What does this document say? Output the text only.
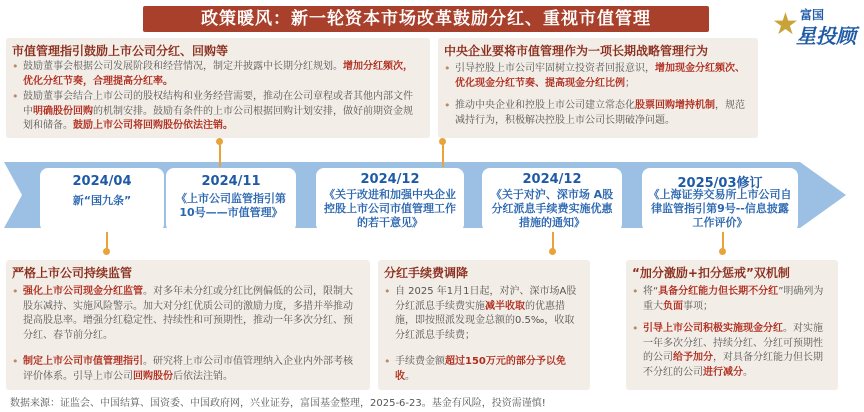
政策暖风：新一轮资本市场改革鼓励分红、重视市值管理	★ 富国
星投顾
市值管理指引鼓励上市公司分红、回购等
• 鼓励董事会根据公司发展阶段和经营情况，制定并披露中长期分红规划。增加分红频次，优化分红节奏，合理提高分红率。
• 鼓励董事会结合上市公司的股权结构和业务经营需要，推动在公司章程或者其他内部文件中明确股份回购的机制安排。鼓励有条件的上市公司根据回购计划安排，做好前期资金规划和储备。鼓励上市公司将回购股份依法注销。
中央企业要将市值管理作为一项长期战略管理行为
• 引导控股上市公司牢固树立投资者回报意识，增加现金分红频次、优化现金分红节奏、提高现金分红比例；
• 推动中央企业和控股上市公司建立常态化股票回购增持机制，规范减持行为，积极解决控股上市公司长期破净问题。
2024/04
新“国九条”
2024/11
《上市公司监管指引第10号——市值管理》
2024/12
《关于改进和加强中央企业控股上市公司市值管理工作的若干意见》
2024/12
《关于对沪、深市场 A股分红派息手续费实施优惠措施的通知》
2025/03修订
《上海证券交易所上市公司自律监管指引第9号--信息披露工作评价》
严格上市公司持续监管
• 强化上市公司现金分红监管。对多年未分红或分红比例偏低的公司，限制大股东减持、实施风险警示。加大对分红优质公司的激励力度，多措并举推动提高股息率。增强分红稳定性、持续性和可预期性，推动一年多次分红、预分红、春节前分红。
• 制定上市公司市值管理指引。研究将上市公司市值管理纳入企业内外部考核评价体系。引导上市公司回购股份后依法注销。
分红手续费调降
• 自 2025 年1月1日起，对沪、深市场A股分红派息手续费实施减半收取的优惠措施，即按照派发现金总额的0.5‰，收取分红派息手续费；
• 手续费金额超过150万元的部分予以免收。
“加分激励+扣分惩戒”双机制
• 将“具备分红能力但长期不分红”明确列为重大负面事项；
• 引导上市公司积极实施现金分红。对实施一年多次分红、持续分红、分红可预期性的公司给予加分，对具备分红能力但长期不分红的公司进行减分。
数据来源：证监会、中国结算、国资委、中国政府网，兴业证券，富国基金整理，2025-6-23。基金有风险，投资需谨慎!
